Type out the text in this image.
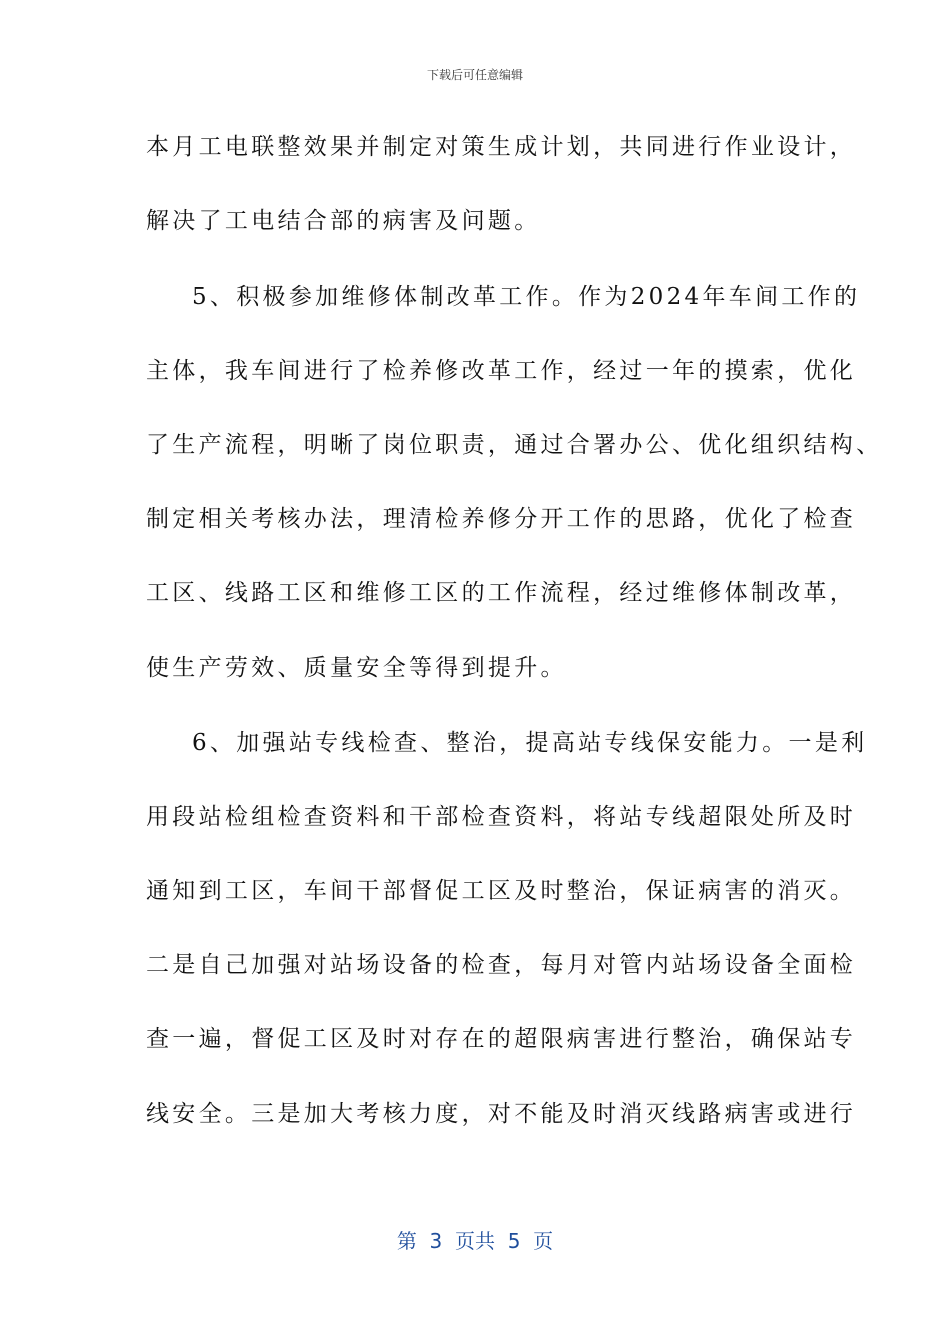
下载后可任意编辑
本月工电联整效果并制定对策生成计划，共同进行作业设计，
解决了工电结合部的病害及问题。
5、积极参加维修体制改革工作。作为2024年车间工作的
主体，我车间进行了检养修改革工作，经过一年的摸索，优化
了生产流程，明晰了岗位职责，通过合署办公、优化组织结构、
制定相关考核办法，理清检养修分开工作的思路，优化了检查
工区、线路工区和维修工区的工作流程，经过维修体制改革，
使生产劳效、质量安全等得到提升。
6、加强站专线检查、整治，提高站专线保安能力。一是利
用段站检组检查资料和干部检查资料，将站专线超限处所及时
通知到工区，车间干部督促工区及时整治，保证病害的消灭。
二是自己加强对站场设备的检查，每月对管内站场设备全面检
查一遍，督促工区及时对存在的超限病害进行整治，确保站专
线安全。三是加大考核力度，对不能及时消灭线路病害或进行
第  3  页共  5  页
